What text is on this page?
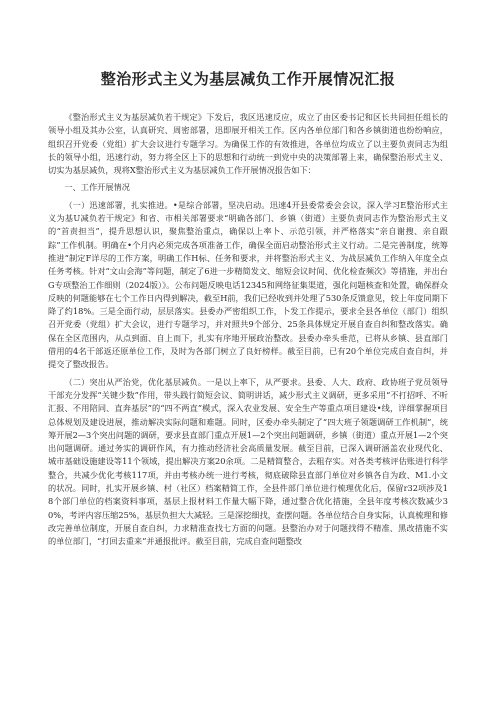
整治形式主义为基层减负工作开展情况汇报

《整治形式主义为基层减负若干规定》下发后，我区迅速反应，成立了由区委书记和区长共同担任组长的领导小组及其办公室，认真研究、周密部署，迅即展开相关工作。区内各单位部门和各乡镇街道也纷纷响应，组织召开党委（党组）扩大会议进行专题学习。为确保工作的有效推进，各单位均成立了以主要负责同志为组长的领导小组，迅速行动，努力将全区上下的思想和行动统一到党中央的决策部署上来，确保整治形式主义、切实为基层减负，现将X整治形式主义为基层减负工作开展情况报告如下：

一、工作开展情况

（一）迅速部署，扎实推进。•是综合部署，坚决启动。迅速4开县委常委会会议，深入学习E整治形式主义为基U减负若干规定》和省、市相关部署要求“明确各部门、乡镇（街道）主要负责同志作为整治形式主义的“首责担当”，提升思想认识，聚焦整治重点，确保以上率卜、示范引领，并严格落实“亲自谢搜、亲自跟踪”工作机制。明确在•个月内必须完成各项准备工作，确保全面启动整治形式主义行动。二是完善制度，统筹推进“制定F详尽的工作方案，明确工作H标、任务和要求，并将整治形式主义、为战层减负工作纳入年度全点任务考核。针对“文山会海”等问题，制定了6进一步精简发文、缩短会议时间、优化检查频次》等措施，并出台G专项整治工作细则（2024版）》。公布问题反映电话12345和网络征集渠道，强化问题核查和处置，确保群众反映的何题能够在七个工作日内得到解决，截至H前，我们已经收到并处理了530条反馈意见，较上年度同期下降了约18%。三是全面行动，层层落实。县委办严密组织工作，卜发工作提示，要求全县各单位（部门）组织召开党委（党组）扩大会议，进行专题学习，并对照共9个部分、25条具体规定开展自查自纠和整改落实。确保在全区范围内，从点到面、自上而下，扎实有序地开展政治整改。县委办牵头垂范，已将从乡镇、县直部门借用的4名干部返还原单位工作，及时为各部门树立了良好榜样。截至目前，已有20个单位完成自查自纠，并提交了整改报告。

（二）突出从严治党，优化基层减负。一是以上率下，从严要求。县委、人大、政府、政协班子党员领导干部充分发挥“关键少数”作用，带头践行简短会议、简明讲话，减少形式主义调研，更多采用“不打招呼、不听汇报、不用陪同、直奔基层”的“四不两直”模式，深入农业发展、安全生产等重点项目建设•线，详细掌握项目总体规划及建设进展，推动解决实际问题和难题。同时，区委办牵头制定了“四大班子领题调研工作机制”，统筹开展2—3个突出问题的调研，要求县直部门重点开展1—2个突出问题调研，乡镇（街道）重点开展1—2个突出问题调研。通过务实的调研作风，有力推动经济社会高质量发展。截至目前，已深入调研涵盖农业现代化、城市基础设施建设等11个领域，提出解决方案20余项。二是精简整合，去粗存实。对各类考核评估账进行科学整合，共减少优化考核117项，并由考核办统一进行考核，彻底破除县直部门单位对乡镇各自为政、M1.小文的状况。同时，扎实开展乡镇、村（社区）档案精简工作，全县件部门单位进行梳理优化后，保留r32项涉及18个部门单位的档案资料事项，基层上报材料工作量大幅下降，通过整合优化措施，全县年度考核次数减少30%，考评内容压缩25%，基层负担大大减轻。三是深挖细找，查摆问题。各单位结合自身实际，认真梳理和修改完善单位制度，开展自查自纠，力求精准查找七方面的问题。县整治办对于问题找得不精准、黑改措施不实的单位部门，“打回去重来”并通报批评。截至目前，完成自查问题整改
